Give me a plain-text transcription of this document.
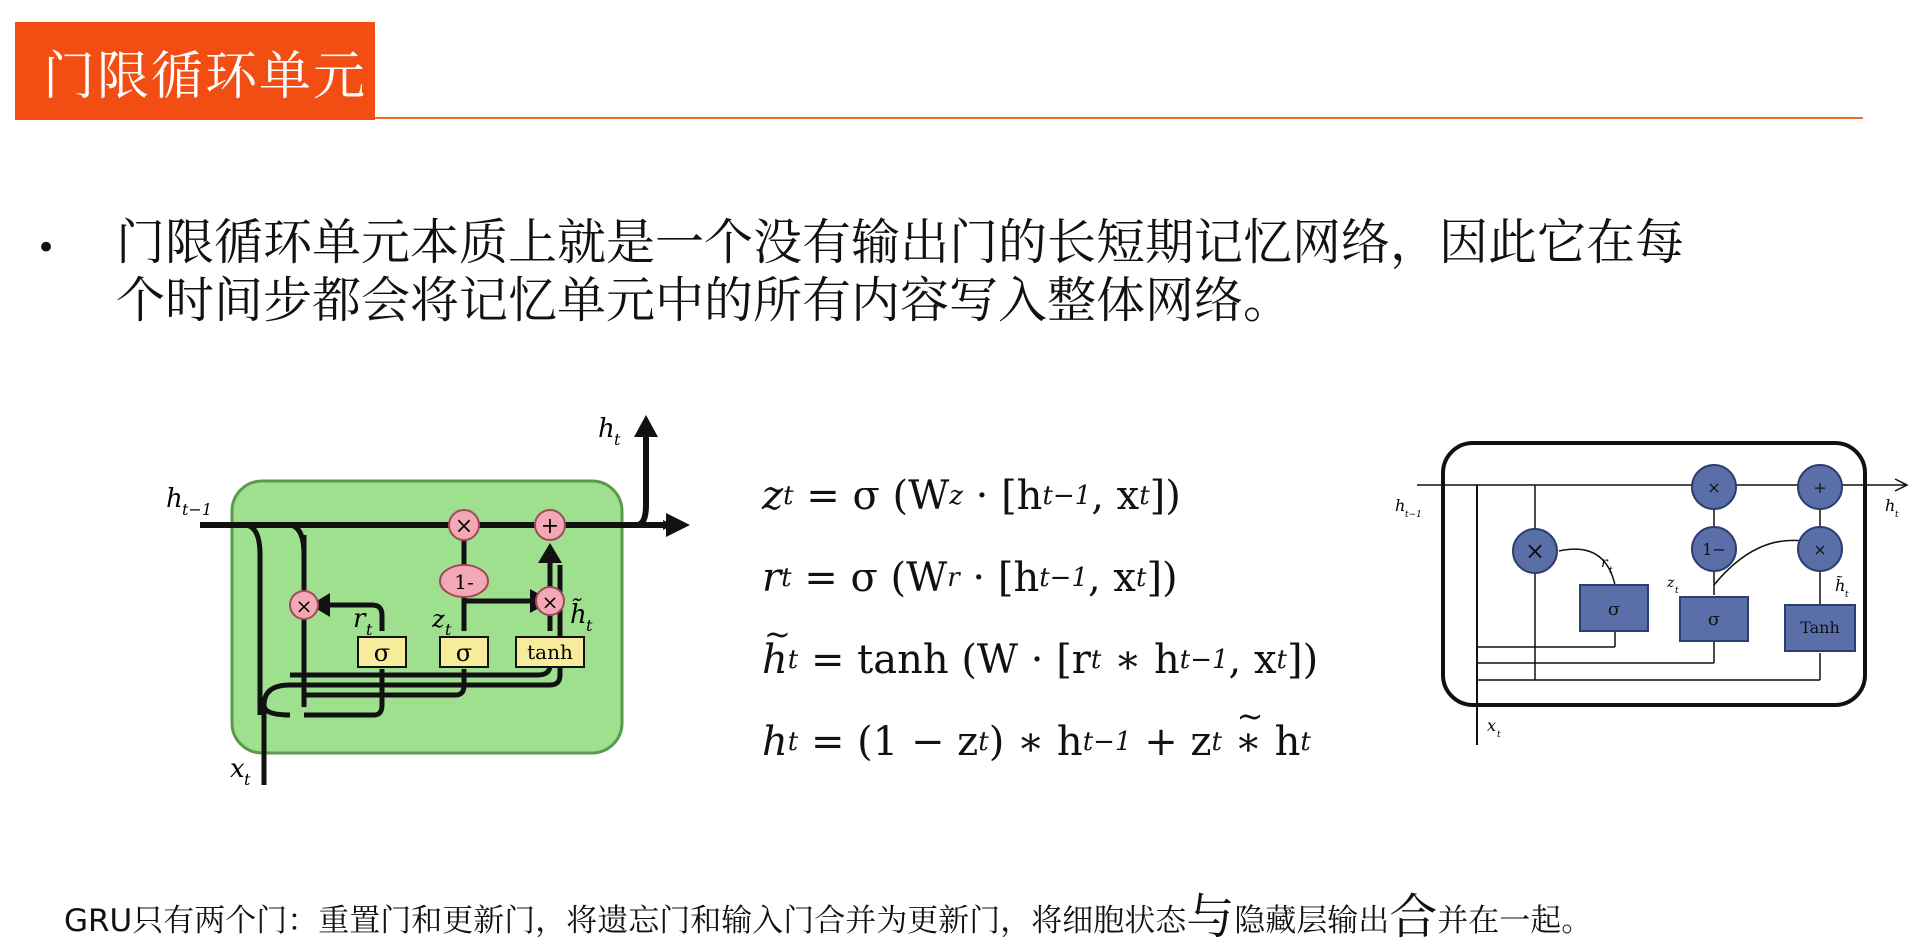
门限循环单元
• 门限循环单元本质上就是一个没有输出门的长短期记忆网络，因此它在每
个时间步都会将记忆单元中的所有内容写入整体网络。
×	+
1-
×	×
σ	σ	tanh
h t−1
h t
x t
r t z t	h̃ t
z t
= σ (W z
· [h t−1 , x t ])
r t
= σ (W r
· [h t−1 , x t ])
~ h t
= tanh (W · [r t
∗ h t−1 , x t ])
h t
= (1 − z t ) ∗ h t−1
+ z t

~ ∗ h t
×
×	+
1−	×
σ	σ	Tanh
h t−1	h t
x t
r t
z t	h̃ t
GRU只有两个门：重置门和更新门，将遗忘门和输入门合并为更新门，将细胞状态与隐藏层输出合并在一起。
